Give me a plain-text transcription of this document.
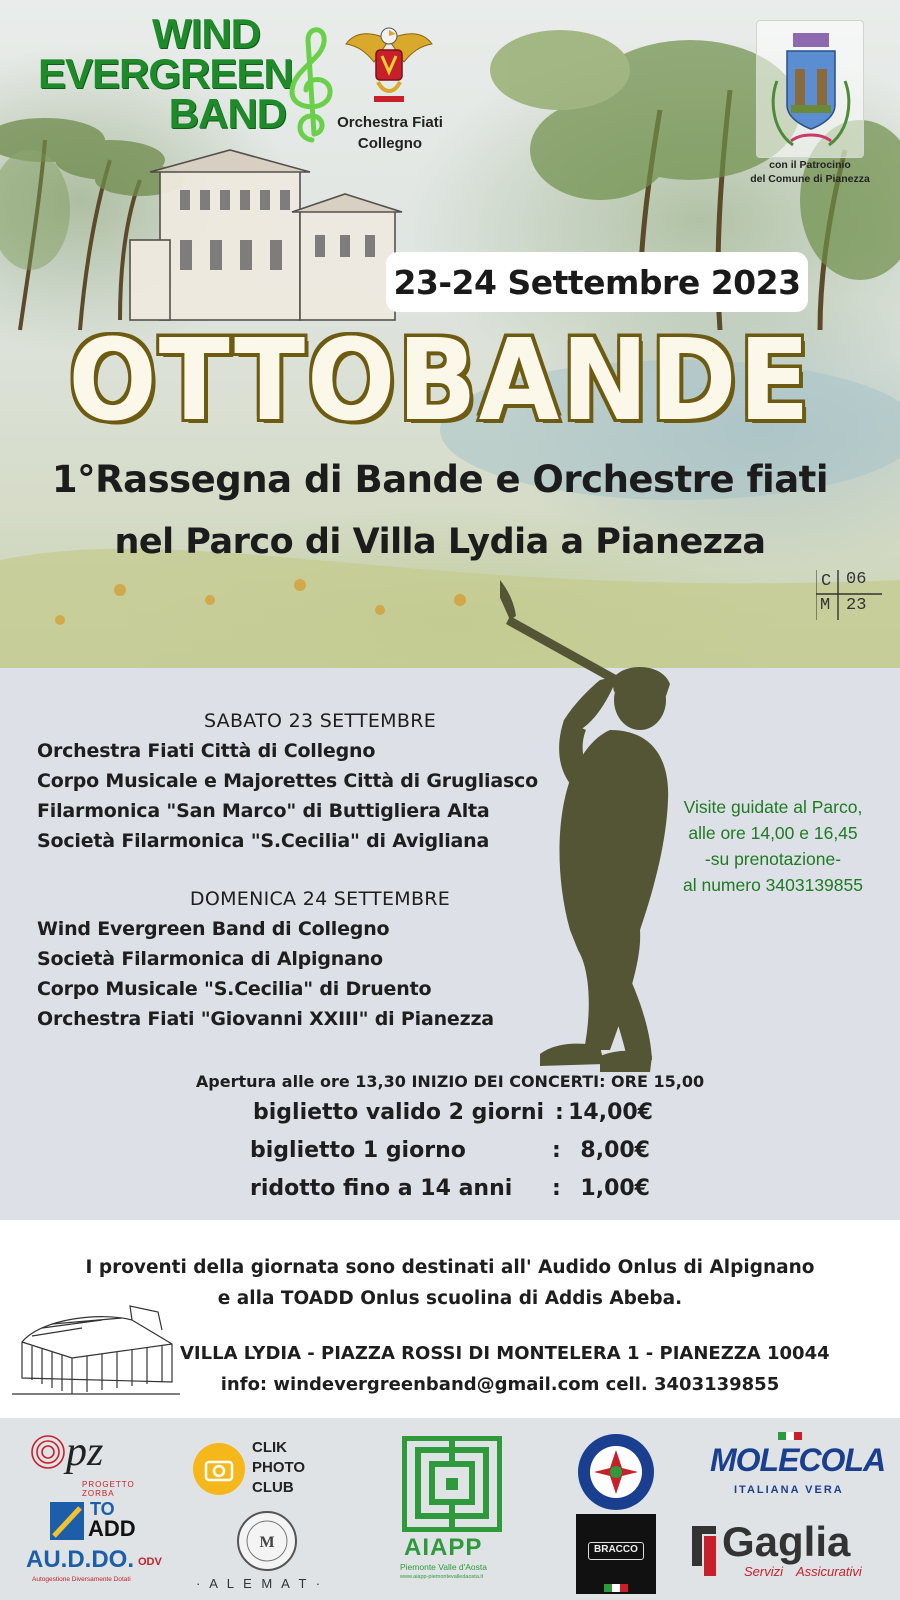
WIND
EVERGREEN
BAND	Orchestra Fiati
Collegno
con il Patrocinio
del Comune di Pianezza
23-24 Settembre 2023
OTTOBANDE
1°Rassegna di Bande e Orchestre fiati
nel Parco di Villa Lydia a Pianezza
C 06
M 23
SABATO 23 SETTEMBRE
Orchestra Fiati Città di Collegno
Corpo Musicale e Majorettes Città di Grugliasco
Filarmonica "San Marco" di Buttigliera Alta
Società Filarmonica "S.Cecilia" di Avigliana
DOMENICA 24 SETTEMBRE
Wind Evergreen Band di Collegno
Società Filarmonica di Alpignano
Corpo Musicale "S.Cecilia" di Druento
Orchestra Fiati "Giovanni XXIII" di Pianezza
Visite guidate al Parco,
alle ore 14,00 e 16,45
-su prenotazione-
al numero 3403139855
Apertura alle ore 13,30 INIZIO DEI CONCERTI: ORE 15,00
biglietto valido 2 giorni : 14,00€
biglietto 1 giorno	: 8,00€
ridotto fino a 14 anni : 1,00€
I proventi della giornata sono destinati all' Audido Onlus di Alpignano
e alla TOADD Onlus scuolina di Addis Abeba.
VILLA LYDIA - PIAZZA ROSSI DI MONTELERA 1 - PIANEZZA 10044
info: windevergreenband@gmail.com cell. 3403139855
pz
PROGETTO ZORBA
TO
ADD
AU.D.DO. ODV
Autogestione Diversamente Dotati
CLIK
PHOTO
CLUB
M
· A L E M A T ·
AIAPP
Piemonte Valle d'Aosta
www.aiapp-piemontevalledaosta.it
BRACCO
MOLECOLA
ITALIANA VERA
Gaglia
Servizi Assicurativi
